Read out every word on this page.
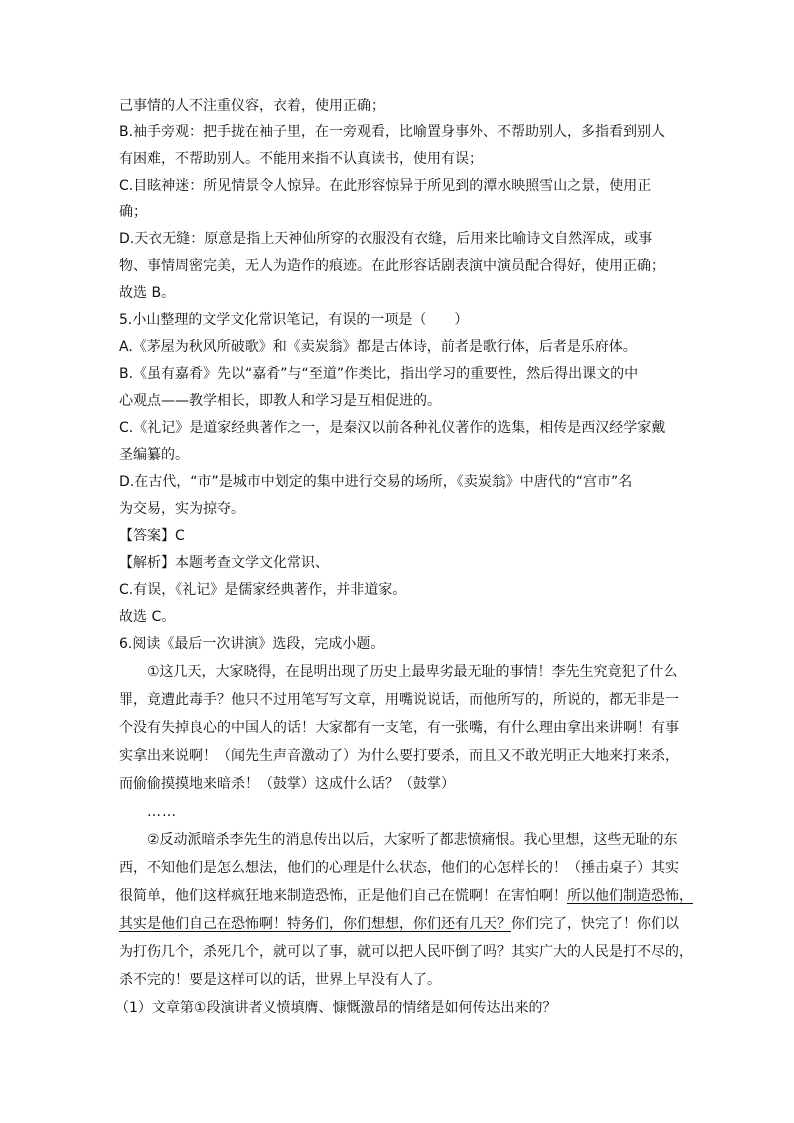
己事情的人不注重仪容，衣着，使用正确；
B.袖手旁观：把手拢在袖子里，在一旁观看，比喻置身事外、不帮助别人，多指看到别人
有困难，不帮助别人。不能用来指不认真读书，使用有误；
C.目眩神迷：所见情景令人惊异。在此形容惊异于所见到的潭水映照雪山之景，使用正
确；
D.天衣无缝：原意是指上天神仙所穿的衣服没有衣缝，后用来比喻诗文自然浑成，或事
物、事情周密完美，无人为造作的痕迹。在此形容话剧表演中演员配合得好，使用正确；
故选 B。
5.小山整理的文学文化常识笔记，有误的一项是（　　）
A.《茅屋为秋风所破歌》和《卖炭翁》都是古体诗，前者是歌行体，后者是乐府体。
B.《虽有嘉肴》先以“嘉肴”与“至道”作类比，指出学习的重要性，然后得出课文的中
心观点——教学相长，即教人和学习是互相促进的。
C.《礼记》是道家经典著作之一，是秦汉以前各种礼仪著作的选集，相传是西汉经学家戴
圣编纂的。
D.在古代，“市”是城市中划定的集中进行交易的场所，《卖炭翁》中唐代的“宫市”名
为交易，实为掠夺。
【答案】C
【解析】本题考查文学文化常识、
C.有误，《礼记》是儒家经典著作，并非道家。
故选 C。
6.阅读《最后一次讲演》选段，完成小题。
①这几天，大家晓得，在昆明出现了历史上最卑劣最无耻的事情！李先生究竟犯了什么
罪，竟遭此毒手？他只不过用笔写写文章，用嘴说说话，而他所写的，所说的，都无非是一
个没有失掉良心的中国人的话！大家都有一支笔，有一张嘴，有什么理由拿出来讲啊！有事
实拿出来说啊！（闻先生声音激动了）为什么要打要杀，而且又不敢光明正大地来打来杀，
而偷偷摸摸地来暗杀！（鼓掌）这成什么话？（鼓掌）
……
②反动派暗杀李先生的消息传出以后，大家听了都悲愤痛恨。我心里想，这些无耻的东
西，不知他们是怎么想法，他们的心理是什么状态，他们的心怎样长的！（捶击桌子）其实
很简单，他们这样疯狂地来制造恐怖，正是他们自己在慌啊！在害怕啊！所以他们制造恐怖，
其实是他们自己在恐怖啊！特务们，你们想想，你们还有几天？你们完了，快完了！你们以
为打伤几个，杀死几个，就可以了事，就可以把人民吓倒了吗？其实广大的人民是打不尽的，
杀不完的！要是这样可以的话，世界上早没有人了。
（1）文章第①段演讲者义愤填膺、慷慨激昂的情绪是如何传达出来的？
